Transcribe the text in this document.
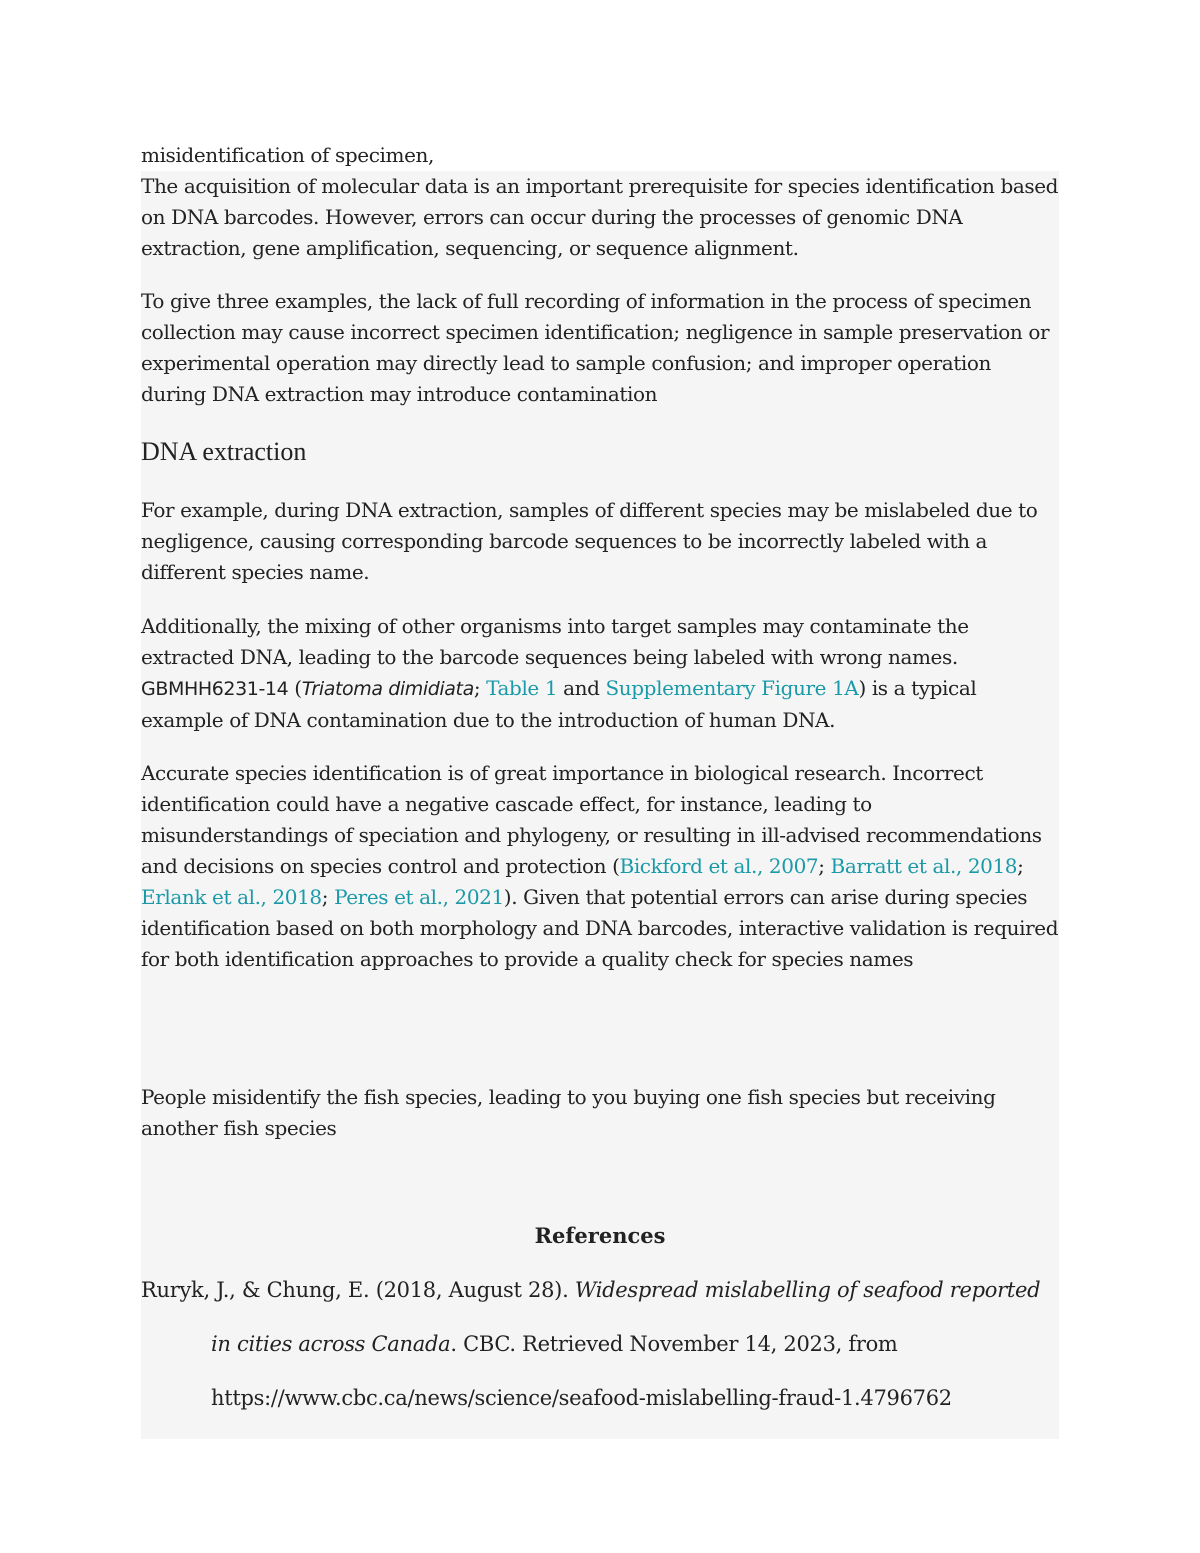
misidentification of specimen,

The acquisition of molecular data is an important prerequisite for species identification based on DNA barcodes. However, errors can occur during the processes of genomic DNA extraction, gene amplification, sequencing, or sequence alignment.

To give three examples, the lack of full recording of information in the process of specimen collection may cause incorrect specimen identification; negligence in sample preservation or experimental operation may directly lead to sample confusion; and improper operation during DNA extraction may introduce contamination

DNA extraction

For example, during DNA extraction, samples of different species may be mislabeled due to negligence, causing corresponding barcode sequences to be incorrectly labeled with a different species name.

Additionally, the mixing of other organisms into target samples may contaminate the extracted DNA, leading to the barcode sequences being labeled with wrong names. GBMHH6231-14 (Triatoma dimidiata; Table 1 and Supplementary Figure 1A) is a typical example of DNA contamination due to the introduction of human DNA.

Accurate species identification is of great importance in biological research. Incorrect identification could have a negative cascade effect, for instance, leading to misunderstandings of speciation and phylogeny, or resulting in ill-advised recommendations and decisions on species control and protection (Bickford et al., 2007; Barratt et al., 2018; Erlank et al., 2018; Peres et al., 2021). Given that potential errors can arise during species identification based on both morphology and DNA barcodes, interactive validation is required for both identification approaches to provide a quality check for species names

People misidentify the fish species, leading to you buying one fish species but receiving another fish species

References

Ruryk, J., & Chung, E. (2018, August 28). Widespread mislabelling of seafood reported
in cities across Canada. CBC. Retrieved November 14, 2023, from
https://www.cbc.ca/news/science/seafood-mislabelling-fraud-1.4796762
